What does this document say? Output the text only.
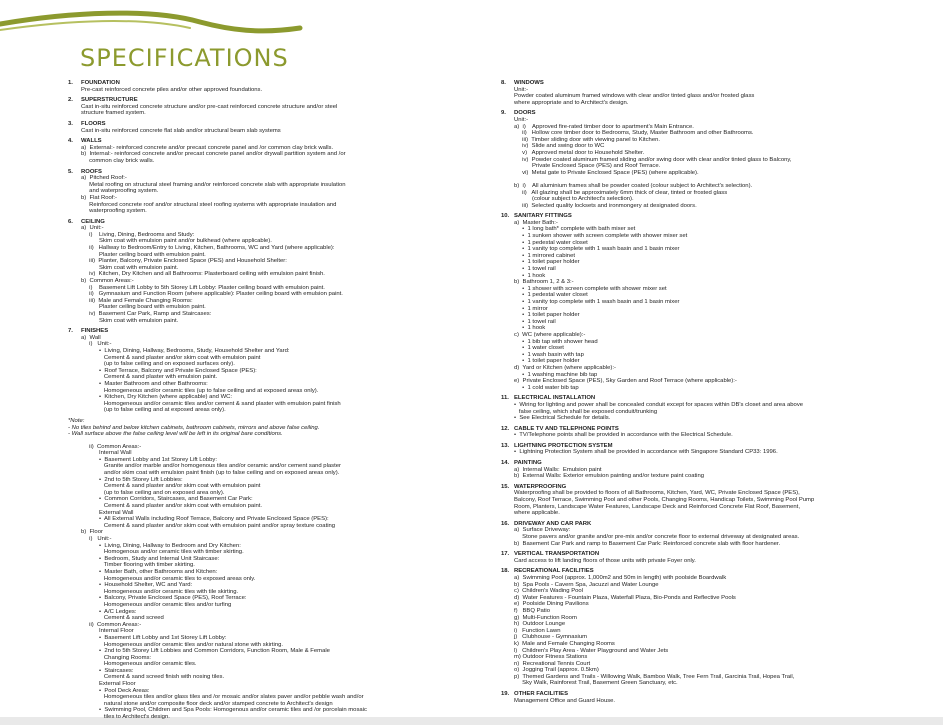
SPECIFICATIONS
1. FOUNDATION
Pre-cast reinforced concrete piles and/or other approved foundations.
2. SUPERSTRUCTURE
Cast in-situ reinforced concrete structure and/or pre-cast reinforced concrete structure and/or steel
structure framed system.
3. FLOORS
Cast in-situ reinforced concrete flat slab and/or structural beam slab systems
4. WALLS
a)  External:- reinforced concrete and/or precast concrete panel and /or common clay brick walls.
b)  Internal:- reinforced concrete and/or precast concrete panel and/or drywall partition system and /or
common clay brick walls.
5. ROOFS
a)  Pitched Roof:-
Metal roofing on structural steel framing and/or reinforced concrete slab with appropriate insulation
and waterproofing system.
b)  Flat Roof:-
Reinforced concrete roof and/or structural steel roofing systems with appropriate insulation and
waterproofing system.
6. CEILING
a)  Unit:-
i)    Living, Dining, Bedrooms and Study:
Skim coat with emulsion paint and/or bulkhead (where applicable).
ii)   Hallway to Bedroom/Entry to Living, Kitchen, Bathrooms, WC and Yard (where applicable):
Plaster ceiling board with emulsion paint.
iii)  Planter, Balcony, Private Enclosed Space (PES) and Household Shelter:
Skim coat with emulsion paint.
iv)  Kitchen, Dry Kitchen and all Bathrooms: Plasterboard ceiling with emulsion paint finish.
b)  Common Areas:-
i)    Basement Lift Lobby to 5th Storey Lift Lobby: Plaster ceiling board with emulsion paint.
ii)   Gymnasium and Function Room (where applicable): Plaster ceiling board with emulsion paint.
iii)  Male and Female Changing Rooms:
Plaster ceiling board with emulsion paint.
iv)  Basement Car Park, Ramp and Staircases:
Skim coat with emulsion paint.
7. FINISHES
a)  Wall
i)   Unit:-
•  Living, Dining, Hallway, Bedrooms, Study, Household Shelter and Yard:
Cement & sand plaster and/or skim coat with emulsion paint
(up to false ceiling and on exposed surfaces only).
•  Roof Terrace, Balcony and Private Enclosed Space (PES):
Cement & sand plaster with emulsion paint.
•  Master Bathroom and other Bathrooms:
Homogeneous and/or ceramic tiles (up to false ceiling and at exposed areas only).
•  Kitchen, Dry Kitchen (where applicable) and WC:
Homogeneous and/or ceramic tiles and/or cement & sand plaster with emulsion paint finish
(up to false ceiling and at exposed areas only).
*Note:
- No tiles behind and below kitchen cabinets, bathroom cabinets, mirrors and above false ceiling.
- Wall surface above the false ceiling level will be left in its original bare conditions.
ii)  Common Areas:-
Internal Wall
•  Basement Lobby and 1st Storey Lift Lobby:
Granite and/or marble and/or homogenous tiles and/or ceramic and/or cement sand plaster
and/or skim coat with emulsion paint finish (up to false ceiling and on exposed areas only).
•  2nd to 5th Storey Lift Lobbies:
Cement & sand plaster and/or skim coat with emulsion paint
(up to false ceiling and on exposed area only).
•  Common Corridors, Staircases, and Basement Car Park:
Cement & sand plaster and/or skim coat with emulsion paint.
External Wall
•  All External Walls including Roof Terrace, Balcony and Private Enclosed Space (PES):
Cement & sand plaster and/or skim coat with emulsion paint and/or spray texture coating
b)  Floor
i)   Unit:-
•  Living, Dining, Hallway to Bedroom and Dry Kitchen:
Homogenous and/or ceramic tiles with timber skirting.
•  Bedroom, Study and Internal Unit Staircase:
Timber flooring with timber skirting.
•  Master Bath, other Bathrooms and Kitchen:
Homogeneous and/or ceramic tiles to exposed areas only.
•  Household Shelter, WC and Yard:
Homogeneous and/or ceramic tiles with tile skirting.
•  Balcony, Private Enclosed Space (PES), Roof Terrace:
Homogeneous and/or ceramic tiles and/or turfing
•  A/C Ledges:
Cement & sand screed
ii)  Common Areas:-
Internal Floor
•  Basement Lift Lobby and 1st Storey Lift Lobby:
Homogeneous and/or ceramic tiles and/or natural stone with skirting.
•  2nd to 5th Storey Lift Lobbies and Common Corridors, Function Room, Male & Female
Changing Rooms:
Homogeneous and/or ceramic tiles.
•  Staircases:
Cement & sand screed finish with nosing tiles.
External Floor
•  Pool Deck Areas:
Homogeneous tiles and/or glass tiles and /or mosaic and/or slates paver and/or pebble wash and/or
natural stone and/or composite floor deck and/or stamped concrete to Architect's design
•  Swimming Pool, Children and Spa Pools: Homogenous and/or ceramic tiles and /or porcelain mosaic
tiles to Architect's design.
8. WINDOWS
Unit:-
Powder coated aluminum framed windows with clear and/or tinted glass and/or frosted glass
where appropriate and to Architect's design.
9. DOORS
Unit:-
a)  i)    Approved fire-rated timber door to apartment's Main Entrance.
ii)   Hollow core timber door to Bedrooms, Study, Master Bathroom and other Bathrooms.
iii)  Timber sliding door with viewing panel to Kitchen.
iv)  Slide and swing door to WC
v)   Approved metal door to Household Shelter.
iv)  Powder coated aluminum framed sliding and/or swing door with clear and/or tinted glass to Balcony,
Private Enclosed Space (PES) and Roof Terrace.
vi)  Metal gate to Private Enclosed Space (PES) (where applicable).

b)  i)    All aluminium frames shall be powder coated (colour subject to Architect's selection).
ii)   All glazing shall be approximately 6mm thick of clear, tinted or frosted glass
(colour subject to Architect's selection).
iii)  Selected quality locksets and ironmongery at designated doors.
10. SANITARY FITTINGS
a)  Master Bath:-
•  1 long bath* complete with bath mixer set
•  1 sunken shower with screen complete with shower mixer set
•  1 pedestal water closet
•  1 vanity top complete with 1 wash basin and 1 basin mixer
•  1 mirrored cabinet
•  1 toilet paper holder
•  1 towel rail
•  1 hook
b)  Bathroom 1, 2 & 3:-
•  1 shower with screen complete with shower mixer set
•  1 pedestal water closet
•  1 vanity top complete with 1 wash basin and 1 basin mixer
•  1 mirror
•  1 toilet paper holder
•  1 towel rail
•  1 hook
c)  WC (where applicable):-
•  1 bib tap with shower head
•  1 water closet
•  1 wash basin with tap
•  1 toilet paper holder
d)  Yard or Kitchen (where applicable):-
•  1 washing machine bib tap
e)  Private Enclosed Space (PES), Sky Garden and Roof Terrace (where applicable):-
•  1 cold water bib tap
11. ELECTRICAL INSTALLATION
•  Wiring for lighting and power shall be concealed conduit except for spaces within DB's closet and area above
false ceiling, which shall be exposed conduit/trunking
•  See Electrical Schedule for details.
12. CABLE TV AND TELEPHONE POINTS
•  TV/Telephone points shall be provided in accordance with the Electrical Schedule.
13. LIGHTNING PROTECTION SYSTEM
•  Lightning Protection System shall be provided in accordance with Singapore Standard CP33: 1996.
14. PAINTING
a)  Internal Walls:  Emulsion paint
b)  External Walls: Exterior emulsion painting and/or texture paint coating
15. WATERPROOFING
Waterproofing shall be provided to floors of all Bathrooms, Kitchen, Yard, WC, Private Enclosed Space (PES),
Balcony, Roof Terrace, Swimming Pool and other Pools, Changing Rooms, Handicap Toilets, Swimming Pool Pump
Room, Planters, Landscape Water Features, Landscape Deck and Reinforced Concrete Flat Roof, Basement,
where applicable.
16. DRIVEWAY AND CAR PARK
a)  Surface Driveway:
Stone pavers and/or granite and/or pre-mix and/or concrete floor to external driveway at designated areas.
b)  Basement Car Park and ramp to Basement Car Park: Reinforced concrete slab with floor hardener.
17. VERTICAL TRANSPORTATION
Card access to lift landing floors of those units with private Foyer only.
18. RECREATIONAL FACILITIES
a)  Swimming Pool (approx. 1,000m2 and 50m in length) with poolside Boardwalk
b)  Spa Pools - Cavern Spa, Jacuzzi and Water Lounge
c)  Children's Wading Pool
d)  Water Features - Fountain Plaza, Waterfall Plaza, Bio-Ponds and Reflective Pools
e)  Poolside Dining Pavilions
f)   BBQ Patio
g)  Multi-Function Room
h)  Outdoor Lounge
i)   Function Lawn
j)   Clubhouse - Gymnasium
k)  Male and Female Changing Rooms
l)   Children's Play Area - Water Playground and Water Jets
m) Outdoor Fitness Stations
n)  Recreational Tennis Court
o)  Jogging Trail (approx. 0.5km)
p)  Themed Gardens and Trails - Willowing Walk, Bamboo Walk, Tree Fern Trail, Garcinia Trail, Hopea Trail,
Sky Walk, Rainforest Trail, Basement Green Sanctuary, etc.
19. OTHER FACILITIES
Management Office and Guard House.
